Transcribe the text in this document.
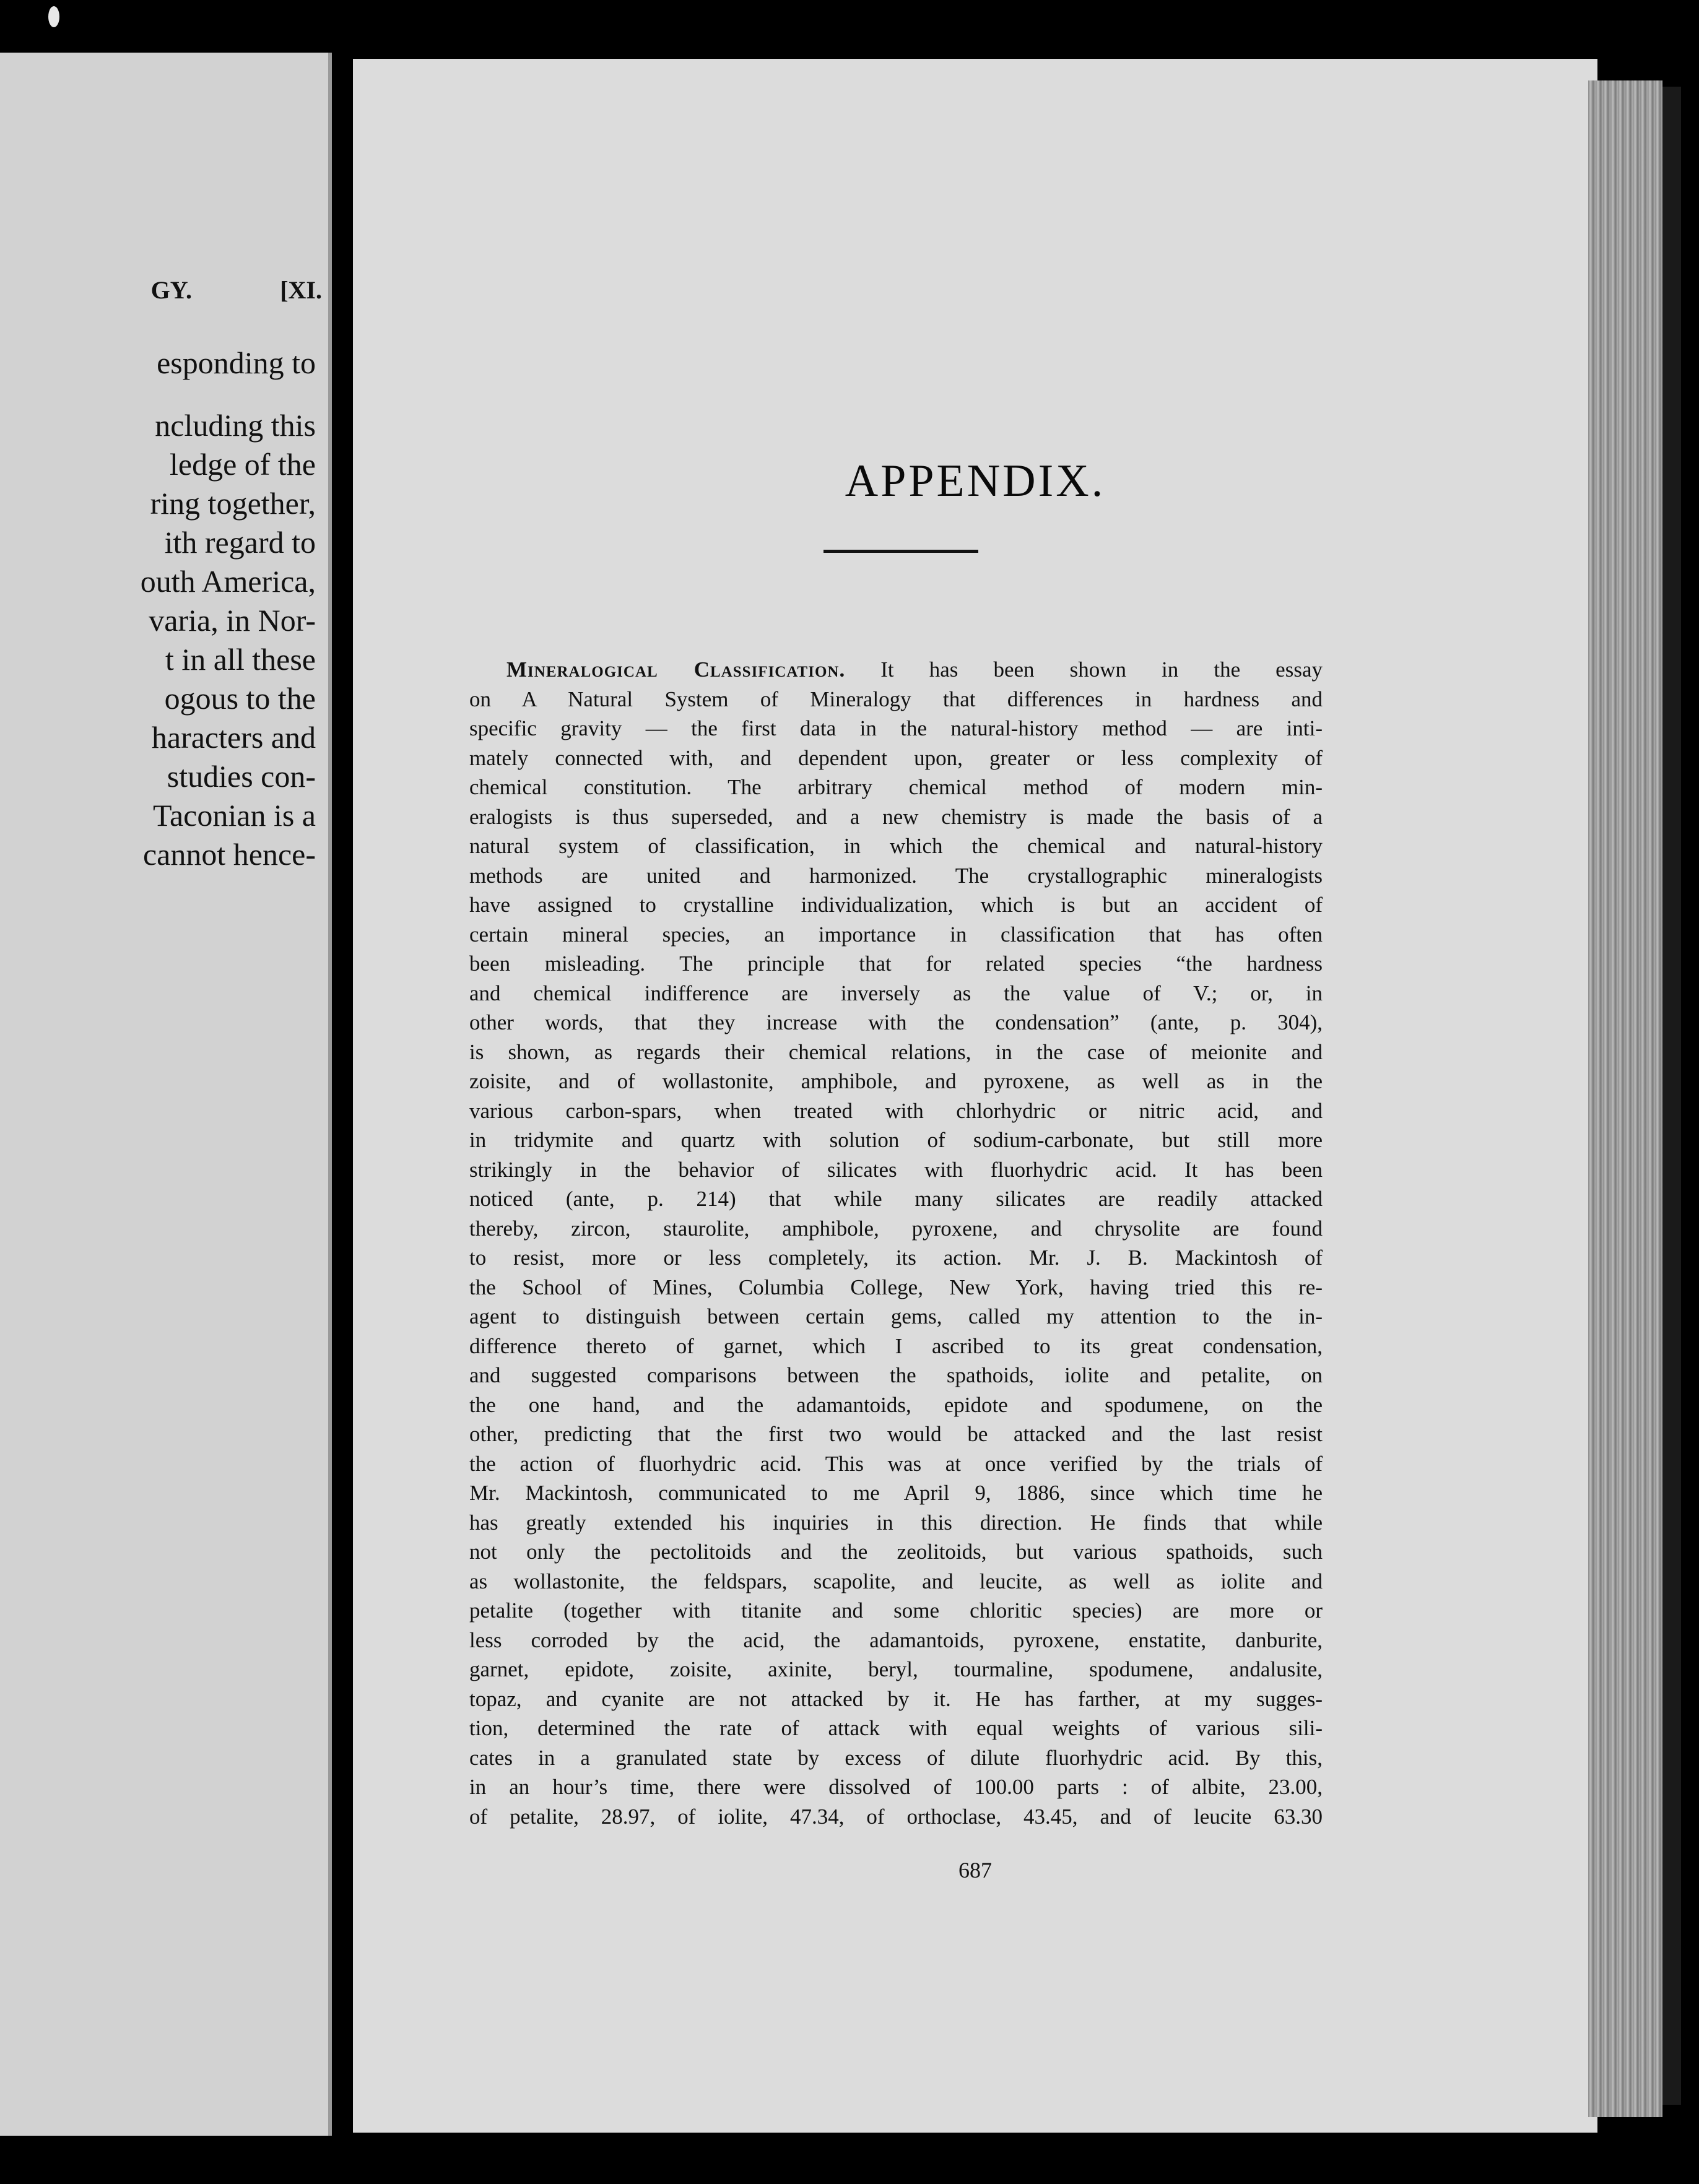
GY.	[XI.
esponding to
ncluding this
ledge of the
ring together,
ith regard to
outh America,
varia, in Nor-
t in all these
ogous to the
haracters and
studies con-
Taconian is a
cannot hence-
APPENDIX.
Mineralogical Classification. It has been shown in the essay
on A Natural System of Mineralogy that differences in hardness and
specific gravity — the first data in the natural-history method — are inti-
mately connected with, and dependent upon, greater or less complexity of
chemical constitution. The arbitrary chemical method of modern min-
eralogists is thus superseded, and a new chemistry is made the basis of a
natural system of classification, in which the chemical and natural-history
methods are united and harmonized. The crystallographic mineralogists
have assigned to crystalline individualization, which is but an accident of
certain mineral species, an importance in classification that has often
been misleading. The principle that for related species “the hardness
and chemical indifference are inversely as the value of V.; or, in
other words, that they increase with the condensation” (ante, p. 304),
is shown, as regards their chemical relations, in the case of meionite and
zoisite, and of wollastonite, amphibole, and pyroxene, as well as in the
various carbon-spars, when treated with chlorhydric or nitric acid, and
in tridymite and quartz with solution of sodium-carbonate, but still more
strikingly in the behavior of silicates with fluorhydric acid. It has been
noticed (ante, p. 214) that while many silicates are readily attacked
thereby, zircon, staurolite, amphibole, pyroxene, and chrysolite are found
to resist, more or less completely, its action. Mr. J. B. Mackintosh of
the School of Mines, Columbia College, New York, having tried this re-
agent to distinguish between certain gems, called my attention to the in-
difference thereto of garnet, which I ascribed to its great condensation,
and suggested comparisons between the spathoids, iolite and petalite, on
the one hand, and the adamantoids, epidote and spodumene, on the
other, predicting that the first two would be attacked and the last resist
the action of fluorhydric acid. This was at once verified by the trials of
Mr. Mackintosh, communicated to me April 9, 1886, since which time he
has greatly extended his inquiries in this direction. He finds that while
not only the pectolitoids and the zeolitoids, but various spathoids, such
as wollastonite, the feldspars, scapolite, and leucite, as well as iolite and
petalite (together with titanite and some chloritic species) are more or
less corroded by the acid, the adamantoids, pyroxene, enstatite, danburite,
garnet, epidote, zoisite, axinite, beryl, tourmaline, spodumene, andalusite,
topaz, and cyanite are not attacked by it. He has farther, at my sugges-
tion, determined the rate of attack with equal weights of various sili-
cates in a granulated state by excess of dilute fluorhydric acid. By this,
in an hour’s time, there were dissolved of 100.00 parts : of albite, 23.00,
of petalite, 28.97, of iolite, 47.34, of orthoclase, 43.45, and of leucite 63.30
687
